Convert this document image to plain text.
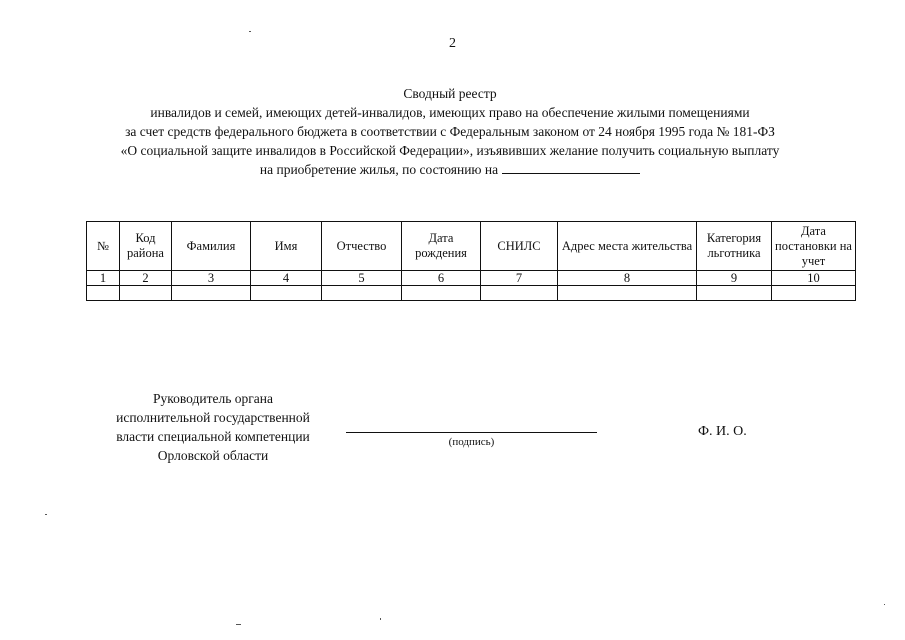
2
Сводный реестр
инвалидов и семей, имеющих детей-инвалидов, имеющих право на обеспечение жилыми помещениями
за счет средств федерального бюджета в соответствии с Федеральным законом от 24 ноября 1995 года № 181-ФЗ
«О социальной защите инвалидов в Российской Федерации», изъявивших желание получить социальную выплату
на приобретение жилья, по состоянию на
№	Код района	Фамилия	Имя	Отчество	Дата рождения	СНИЛС	Адрес места жительства	Категория льготника	Дата постановки на учет
1	2	3	4	5	6	7	8	9	10

Руководитель органа
исполнительной государственной
власти специальной компетенции
Орловской области
(подпись)
Ф. И. О.
